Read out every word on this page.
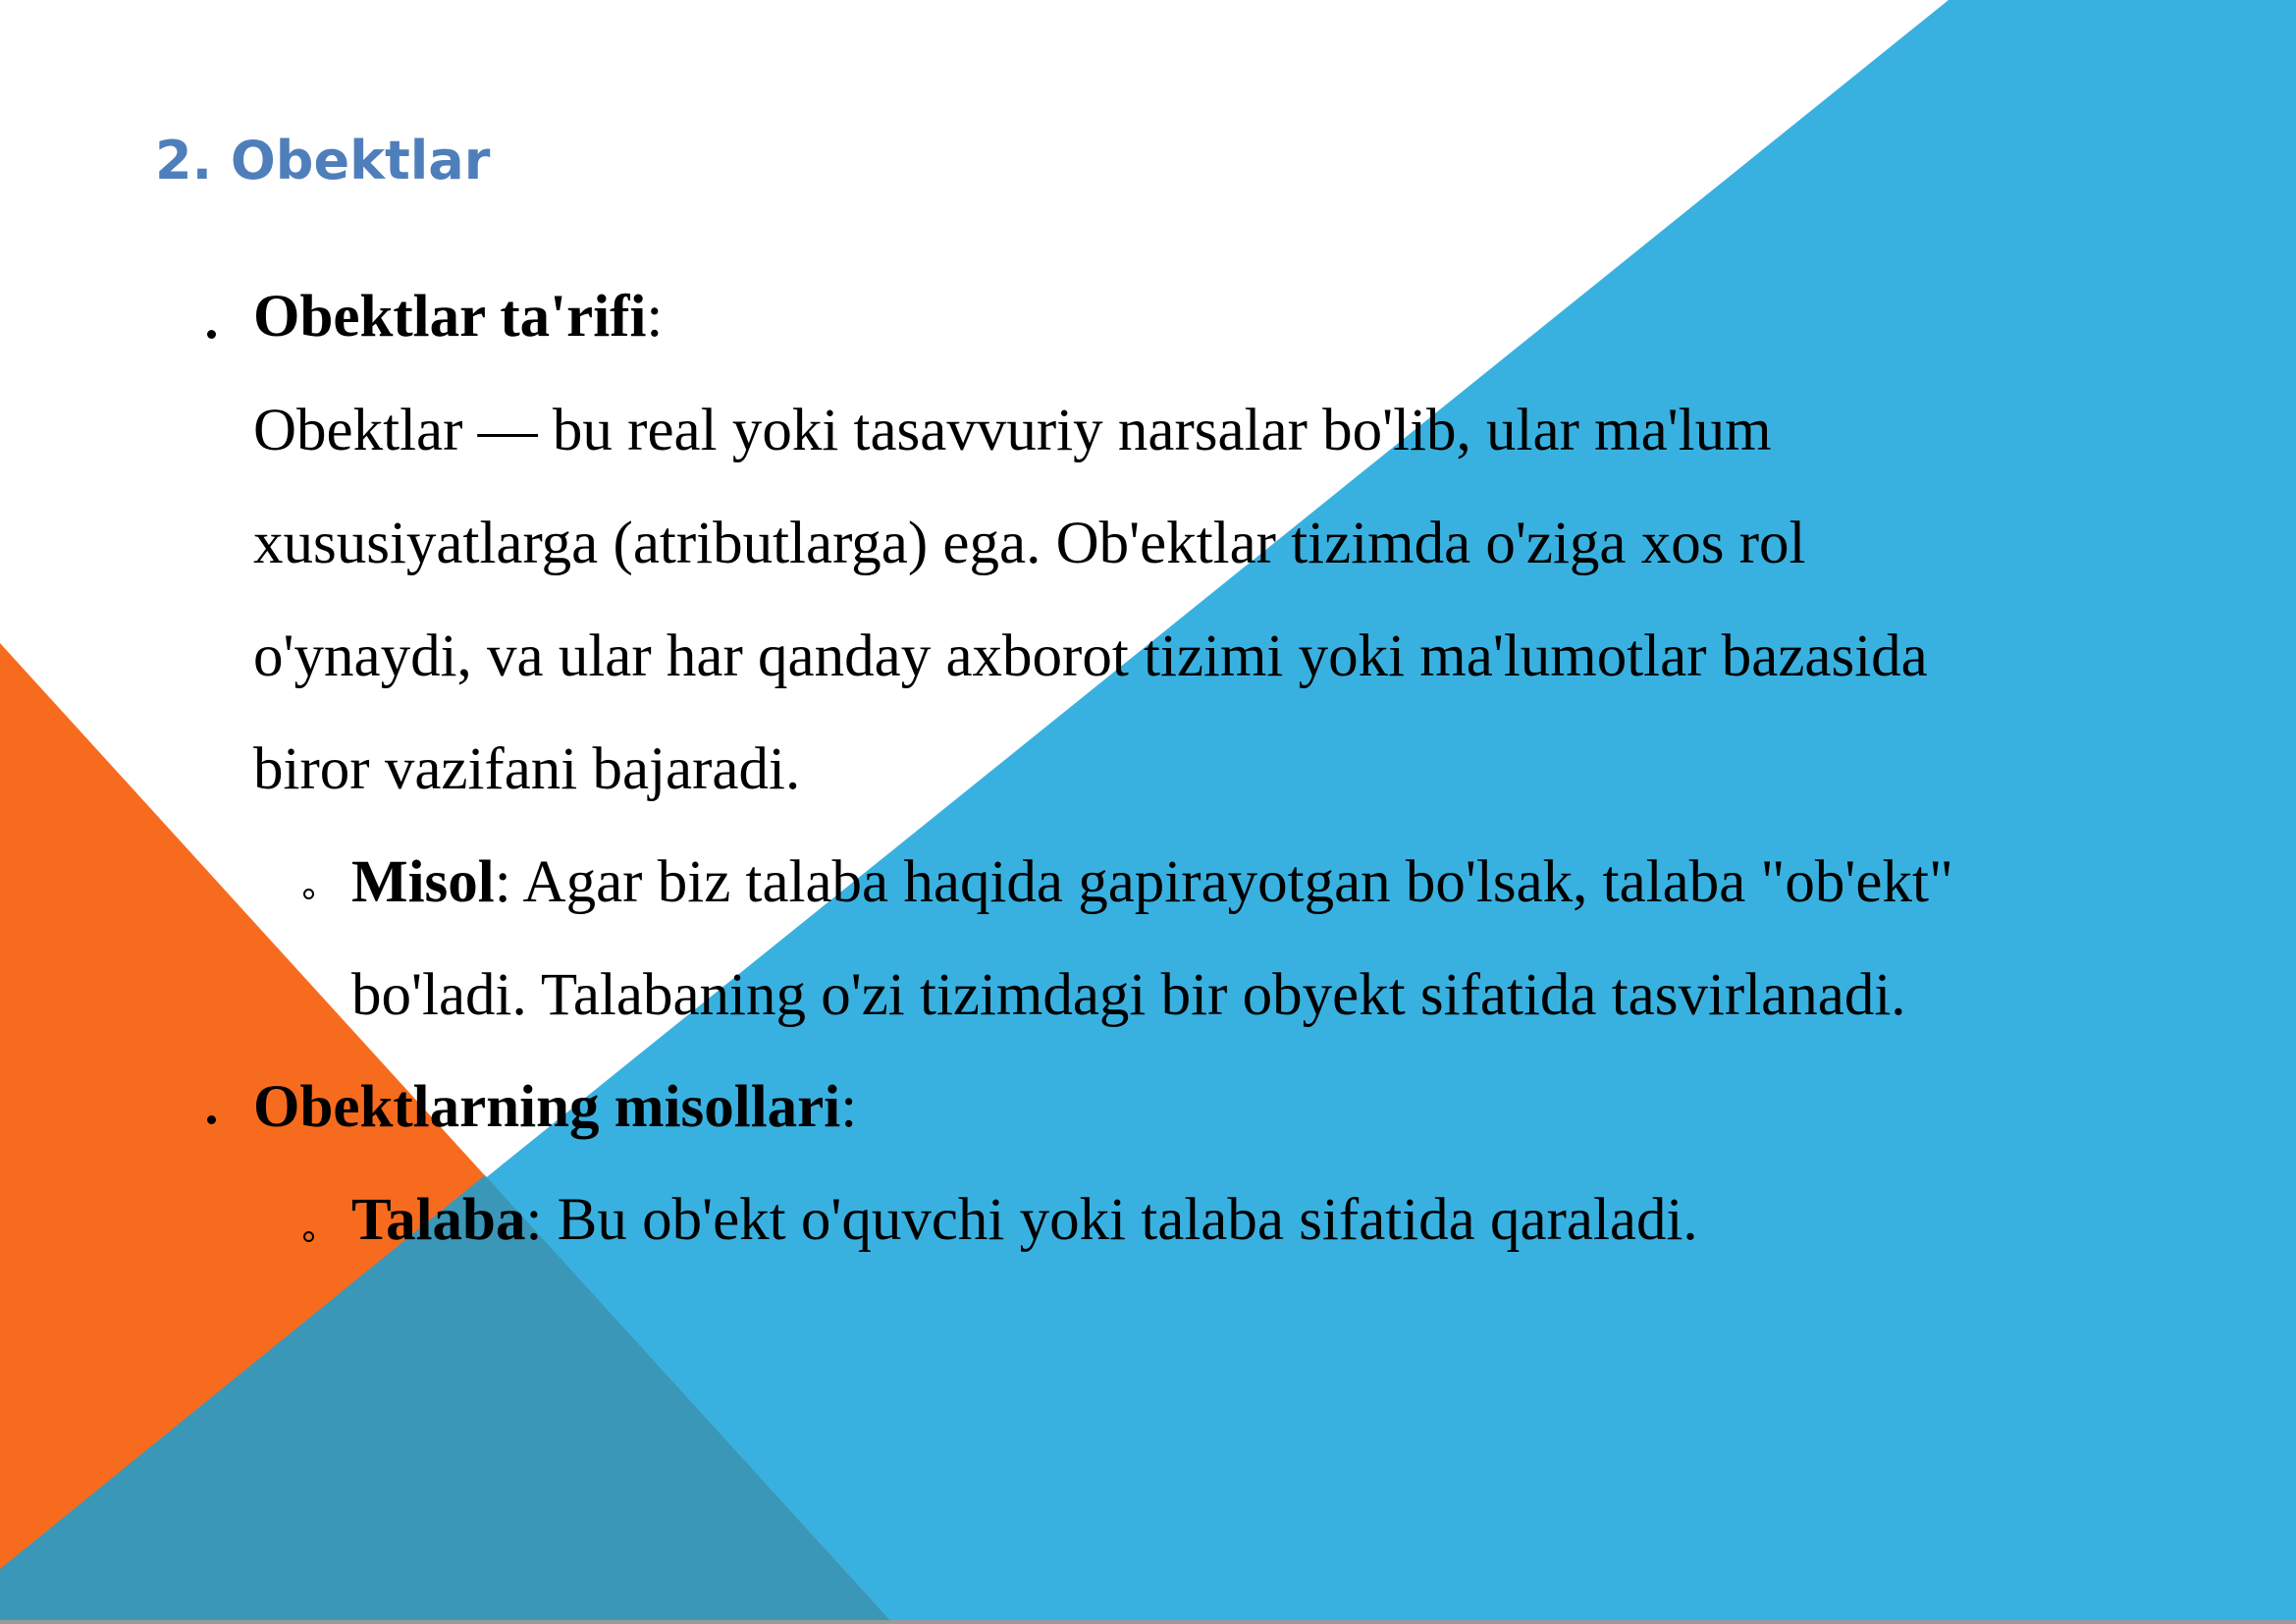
2. Obektlar
Obektlar ta'rifi:
Obektlar — bu real yoki tasavvuriy narsalar bo'lib, ular ma'lum
xususiyatlarga (atributlarga) ega. Ob'ektlar tizimda o'ziga xos rol
o'ynaydi, va ular har qanday axborot tizimi yoki ma'lumotlar bazasida
biror vazifani bajaradi.
Misol: Agar biz talaba haqida gapirayotgan bo'lsak, talaba "ob'ekt"
bo'ladi. Talabaning o'zi tizimdagi bir obyekt sifatida tasvirlanadi.
Obektlarning misollari:
Talaba: Bu ob'ekt o'quvchi yoki talaba sifatida qaraladi.
